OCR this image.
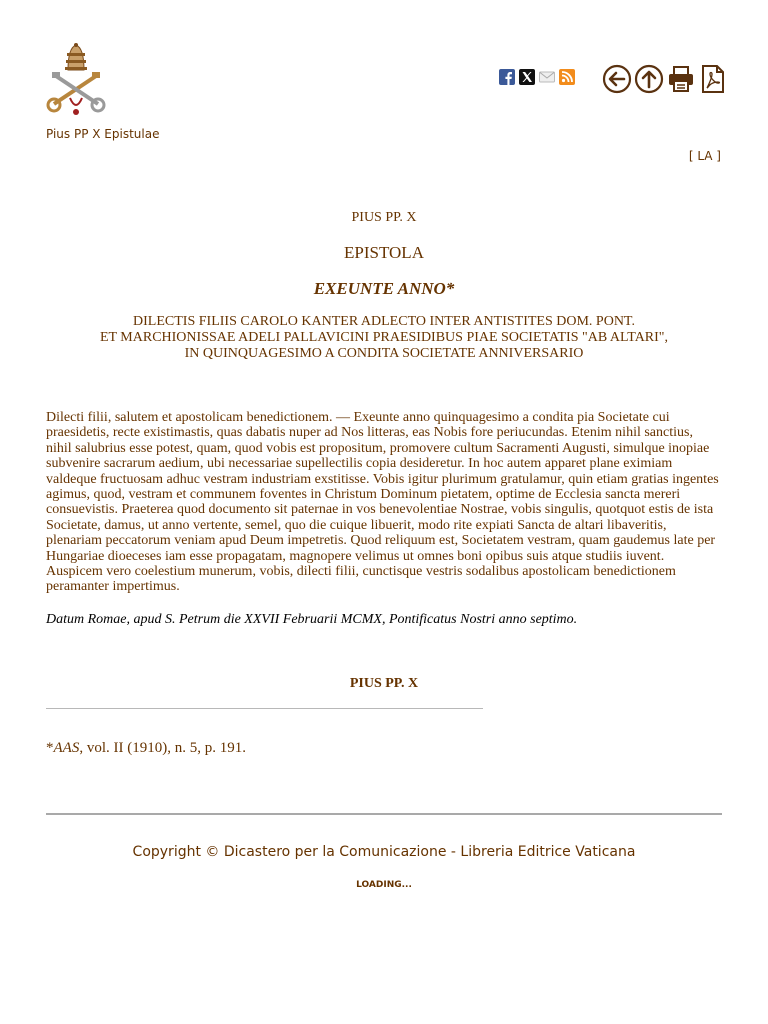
Pius PP X Epistulae
[ LA ]
PIUS PP. X
EPISTOLA
EXEUNTE ANNO*
DILECTIS FILIIS CAROLO KANTER ADLECTO INTER ANTISTITES DOM. PONT.
ET MARCHIONISSAE ADELI PALLAVICINI PRAESIDIBUS PIAE SOCIETATIS "AB ALTARI",
IN QUINQUAGESIMO A CONDITA SOCIETATE ANNIVERSARIO

Dilecti filii, salutem et apostolicam benedictionem. — Exeunte anno quinquagesimo a condita pia Societate cui praesidetis, recte existimastis, quas dabatis nuper ad Nos litteras, eas Nobis fore periucundas. Etenim nihil sanctius, nihil salubrius esse potest, quam, quod vobis est propositum, promovere cultum Sacramenti Augusti, simulque inopiae subvenire sacrarum aedium, ubi necessariae supellectilis copia desideretur. In hoc autem apparet plane eximiam valdeque fructuosam adhuc vestram industriam exstitisse. Vobis igitur plurimum gratulamur, quin etiam gratias ingentes agimus, quod, vestram et communem foventes in Christum Dominum pietatem, optime de Ecclesia sancta mereri consuevistis. Praeterea quod documento sit paternae in vos benevolentiae Nostrae, vobis singulis, quotquot estis de ista Societate, damus, ut anno vertente, semel, quo die cuique libuerit, modo rite expiati Sancta de altari libaveritis, plenariam peccatorum veniam apud Deum impetretis. Quod reliquum est, Societatem vestram, quam gaudemus late per Hungariae dioeceses iam esse propagatam, magnopere velimus ut omnes boni opibus suis atque studiis iuvent. Auspicem vero coelestium munerum, vobis, dilecti filii, cunctisque vestris sodalibus apostolicam benedictionem peramanter impertimus.

Datum Romae, apud S. Petrum die XXVII Februarii MCMX, Pontificatus Nostri anno septimo.

PIUS PP. X
*AAS, vol. II (1910), n. 5, p. 191.
Copyright © Dicastero per la Comunicazione - Libreria Editrice Vaticana
LOADING...
